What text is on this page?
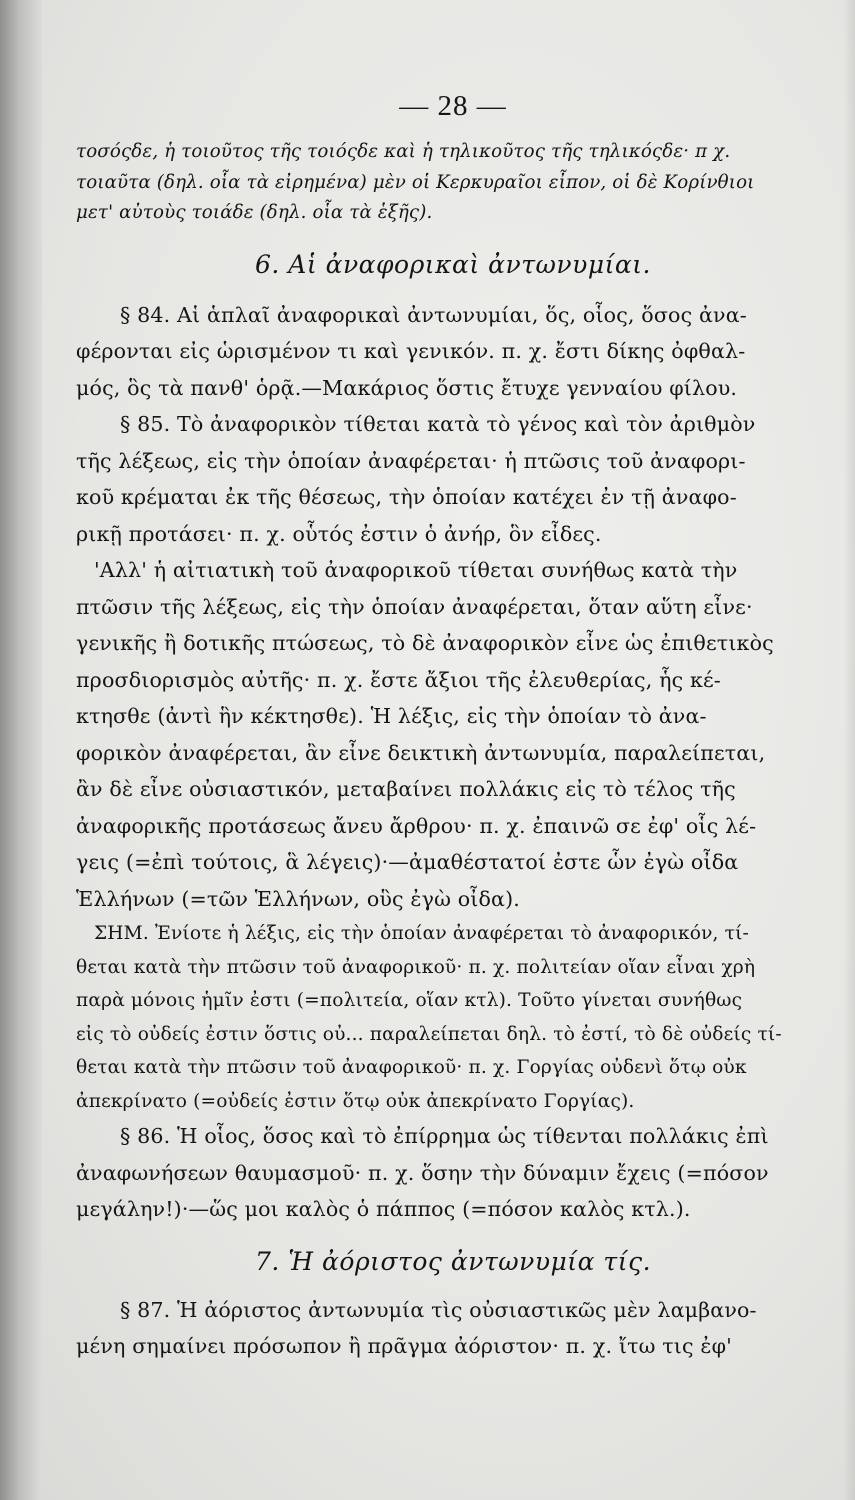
— 28 —
τοσόςδε, ἡ τοιοῦτος τῆς τοιόςδε καὶ ἡ τηλικοῦτος τῆς τηλικόςδε· π χ.
τοιαῦτα (δηλ. οἷα τὰ εἰρημένα) μὲν οἱ Κερκυραῖοι εἶπον, οἱ δὲ Κορίνθιοι
μετ' αὐτοὺς τοιάδε (δηλ. οἷα τὰ ἑξῆς).
6. Αἱ ἀναφορικαὶ ἀντωνυμίαι.
§ 84. Αἱ ἁπλαῖ ἀναφορικαὶ ἀντωνυμίαι, ὅς, οἷος, ὅσος ἀνα-
φέρονται εἰς ὡρισμένον τι καὶ γενικόν. π. χ. ἔστι δίκης ὀφθαλ-
μός, ὃς τὰ πανθ' ὁρᾷ.—Μακάριος ὅστις ἔτυχε γενναίου φίλου.
§ 85. Τὸ ἀναφορικὸν τίθεται κατὰ τὸ γένος καὶ τὸν ἀριθμὸν
τῆς λέξεως, εἰς τὴν ὁποίαν ἀναφέρεται· ἡ πτῶσις τοῦ ἀναφορι-
κοῦ κρέμαται ἐκ τῆς θέσεως, τὴν ὁποίαν κατέχει ἐν τῇ ἀναφο-
ρικῇ προτάσει· π. χ. οὗτός ἐστιν ὁ ἀνήρ, ὃν εἶδες.
'Αλλ' ἡ αἰτιατικὴ τοῦ ἀναφορικοῦ τίθεται συνήθως κατὰ τὴν
πτῶσιν τῆς λέξεως, εἰς τὴν ὁποίαν ἀναφέρεται, ὅταν αὕτη εἶνε·
γενικῆς ἢ δοτικῆς πτώσεως, τὸ δὲ ἀναφορικὸν εἶνε ὡς ἐπιθετικὸς
προσδιορισμὸς αὐτῆς· π. χ. ἔστε ἄξιοι τῆς ἐλευθερίας, ἧς κέ-
κτησθε (ἀντὶ ἣν κέκτησθε). Ἡ λέξις, εἰς τὴν ὁποίαν τὸ ἀνα-
φορικὸν ἀναφέρεται, ἂν εἶνε δεικτικὴ ἀντωνυμία, παραλείπεται,
ἂν δὲ εἶνε οὐσιαστικόν, μεταβαίνει πολλάκις εἰς τὸ τέλος τῆς
ἀναφορικῆς προτάσεως ἄνευ ἄρθρου· π. χ. ἐπαινῶ σε ἐφ' οἷς λέ-
γεις (=ἐπὶ τούτοις, ἃ λέγεις)·—ἀμαθέστατοί ἐστε ὧν ἐγὼ οἶδα
Ἑλλήνων (=τῶν Ἑλλήνων, οὓς ἐγὼ οἶδα).
ΣΗΜ. Ἐνίοτε ἡ λέξις, εἰς τὴν ὁποίαν ἀναφέρεται τὸ ἀναφορικόν, τί-
θεται κατὰ τὴν πτῶσιν τοῦ ἀναφορικοῦ· π. χ. πολιτείαν οἵαν εἶναι χρὴ
παρὰ μόνοις ἡμῖν ἐστι (=πολιτεία, οἵαν κτλ). Τοῦτο γίνεται συνήθως
εἰς τὸ οὐδείς ἐστιν ὅστις οὐ... παραλείπεται δηλ. τὸ ἐστί, τὸ δὲ οὐδείς τί-
θεται κατὰ τὴν πτῶσιν τοῦ ἀναφορικοῦ· π. χ. Γοργίας οὐδενὶ ὅτῳ οὐκ
ἀπεκρίνατο (=οὐδείς ἐστιν ὅτῳ οὐκ ἀπεκρίνατο Γοργίας).
§ 86. Ἡ οἷος, ὅσος καὶ τὸ ἐπίρρημα ὡς τίθενται πολλάκις ἐπὶ
ἀναφωνήσεων θαυμασμοῦ· π. χ. ὅσην τὴν δύναμιν ἔχεις (=πόσον
μεγάλην!)·—ὥς μοι καλὸς ὁ πάππος (=πόσον καλὸς κτλ.).
7. Ἡ ἀόριστος ἀντωνυμία τίς.
§ 87. Ἡ ἀόριστος ἀντωνυμία τὶς οὐσιαστικῶς μὲν λαμβανο-
μένη σημαίνει πρόσωπον ἢ πρᾶγμα ἀόριστον· π. χ. ἴτω τις ἐφ'
